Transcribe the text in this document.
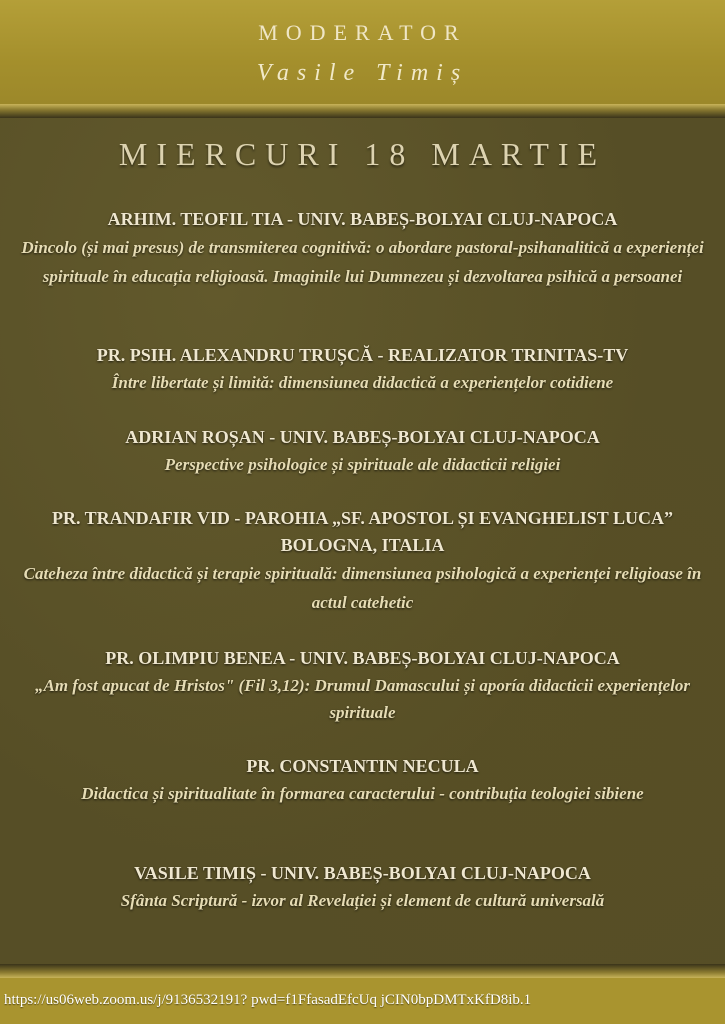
MODERATOR
Vasile Timiș
MIERCURI 18 MARTIE
ARHIM. TEOFIL TIA - UNIV. BABEȘ-BOLYAI CLUJ-NAPOCA
Dincolo (și mai presus) de transmiterea cognitivă: o abordare pastoral-psihanalitică a experienței spirituale în educația religioasă. Imaginile lui Dumnezeu și dezvoltarea psihică a persoanei
PR. PSIH. ALEXANDRU TRUȘCĂ - REALIZATOR TRINITAS-TV
Între libertate și limită: dimensiunea didactică a experiențelor cotidiene
ADRIAN ROȘAN - UNIV. BABEȘ-BOLYAI CLUJ-NAPOCA
Perspective psihologice și spirituale ale didacticii religiei
PR. TRANDAFIR VID - PAROHIA „SF. APOSTOL ȘI EVANGHELIST LUCA” BOLOGNA, ITALIA
Cateheza între didactică și terapie spirituală: dimensiunea psihologică a experienței religioase în actul catehetic
PR. OLIMPIU BENEA - UNIV. BABEȘ-BOLYAI CLUJ-NAPOCA
„Am fost apucat de Hristos" (Fil 3,12): Drumul Damascului și aporía didacticii experiențelor spirituale
PR. CONSTANTIN NECULA
Didactica și spiritualitate în formarea caracterului - contribuția teologiei sibiene
VASILE TIMIȘ - UNIV. BABEȘ-BOLYAI CLUJ-NAPOCA
Sfânta Scriptură - izvor al Revelației și element de cultură universală
https://us06web.zoom.us/j/9136532191? pwd=f1FfasadEfcUq jCIN0bpDMTxKfD8ib.1
